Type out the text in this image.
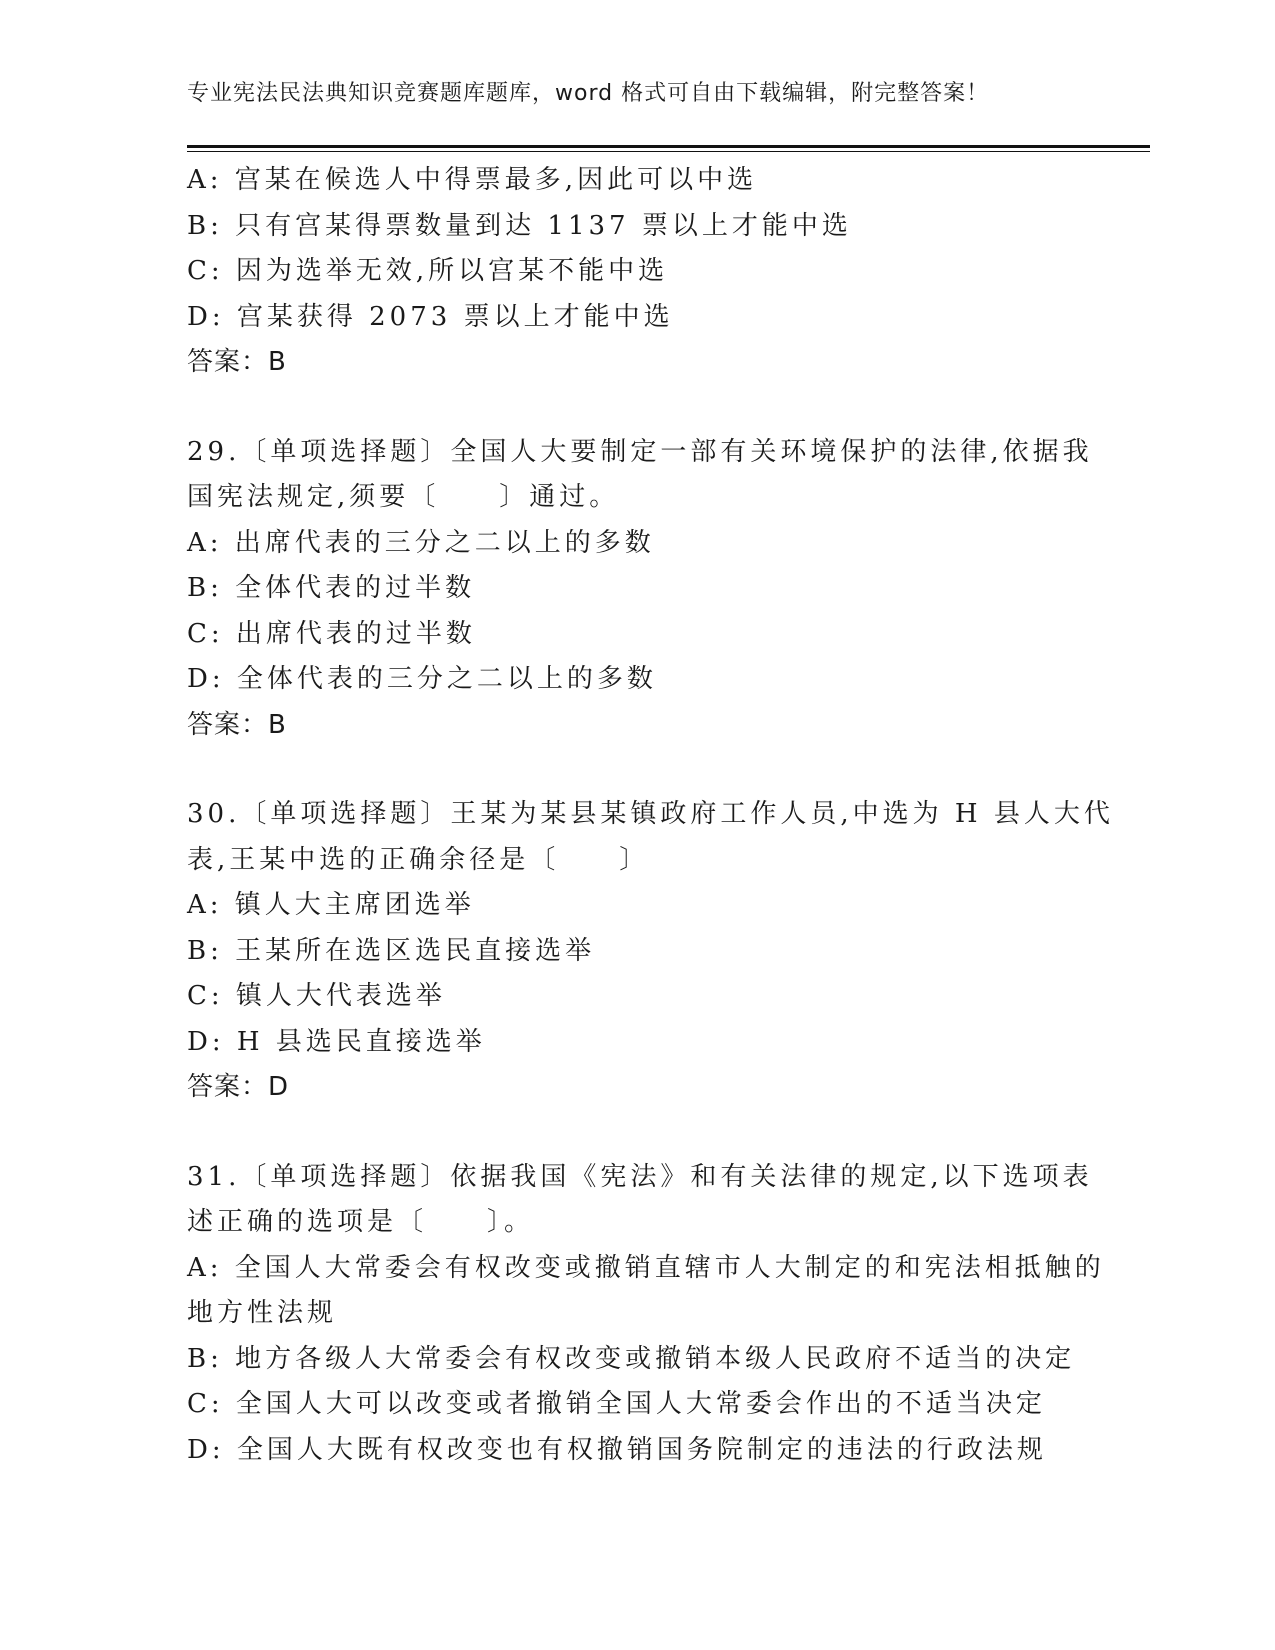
专业宪法民法典知识竞赛题库题库，word 格式可自由下载编辑，附完整答案！
A: 宫某在候选人中得票最多,因此可以中选
B: 只有宫某得票数量到达 1137 票以上才能中选
C: 因为选举无效,所以宫某不能中选
D: 宫某获得 2073 票以上才能中选
答案：B
29.〔单项选择题〕全国人大要制定一部有关环境保护的法律,依据我
国宪法规定,须要〔　　〕通过。
A: 出席代表的三分之二以上的多数
B: 全体代表的过半数
C: 出席代表的过半数
D: 全体代表的三分之二以上的多数
答案：B
30.〔单项选择题〕王某为某县某镇政府工作人员,中选为 H 县人大代
表,王某中选的正确余径是〔　　〕
A: 镇人大主席团选举
B: 王某所在选区选民直接选举
C: 镇人大代表选举
D: H 县选民直接选举
答案：D
31.〔单项选择题〕依据我国《宪法》和有关法律的规定,以下选项表
述正确的选项是〔　　〕。
A: 全国人大常委会有权改变或撤销直辖市人大制定的和宪法相抵触的
地方性法规
B: 地方各级人大常委会有权改变或撤销本级人民政府不适当的决定
C: 全国人大可以改变或者撤销全国人大常委会作出的不适当决定
D: 全国人大既有权改变也有权撤销国务院制定的违法的行政法规
